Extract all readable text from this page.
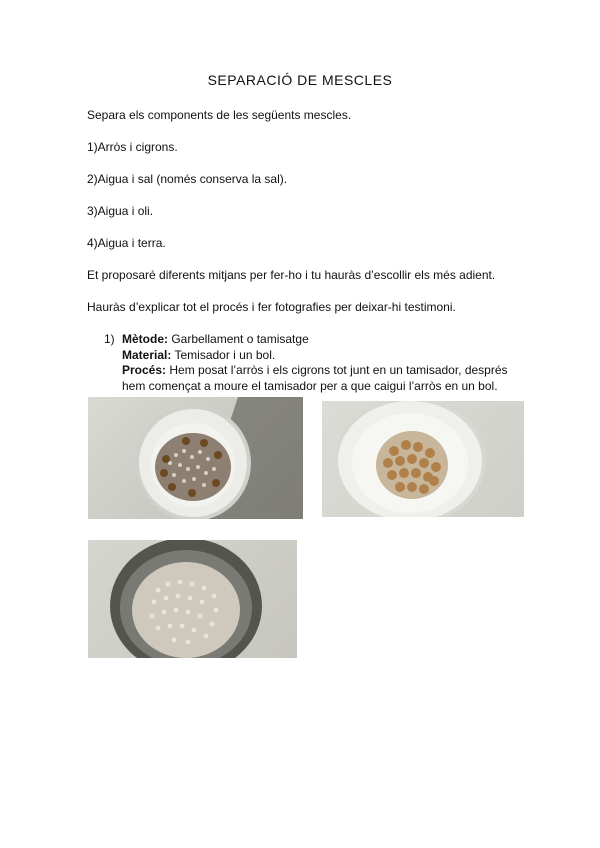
SEPARACIÓ DE MESCLES
Separa els components de les següents mescles.
1)Arròs i cigrons.
2)Aigua i sal (només conserva la sal).
3)Aigua i oli.
4)Aigua i terra.
Et proposaré diferents mitjans per fer-ho i tu hauràs d’escollir els més adient.
Hauràs d’explicar tot el procés i fer fotografies per deixar-hi testimoni.
1) Mètode: Garbellament o tamisatge
Material: Temisador i un bol.
Procés: Hem posat l’arròs i els cigrons tot junt en un tamisador, després
hem començat a moure el tamisador per a que caigui l’arròs en un bol.
